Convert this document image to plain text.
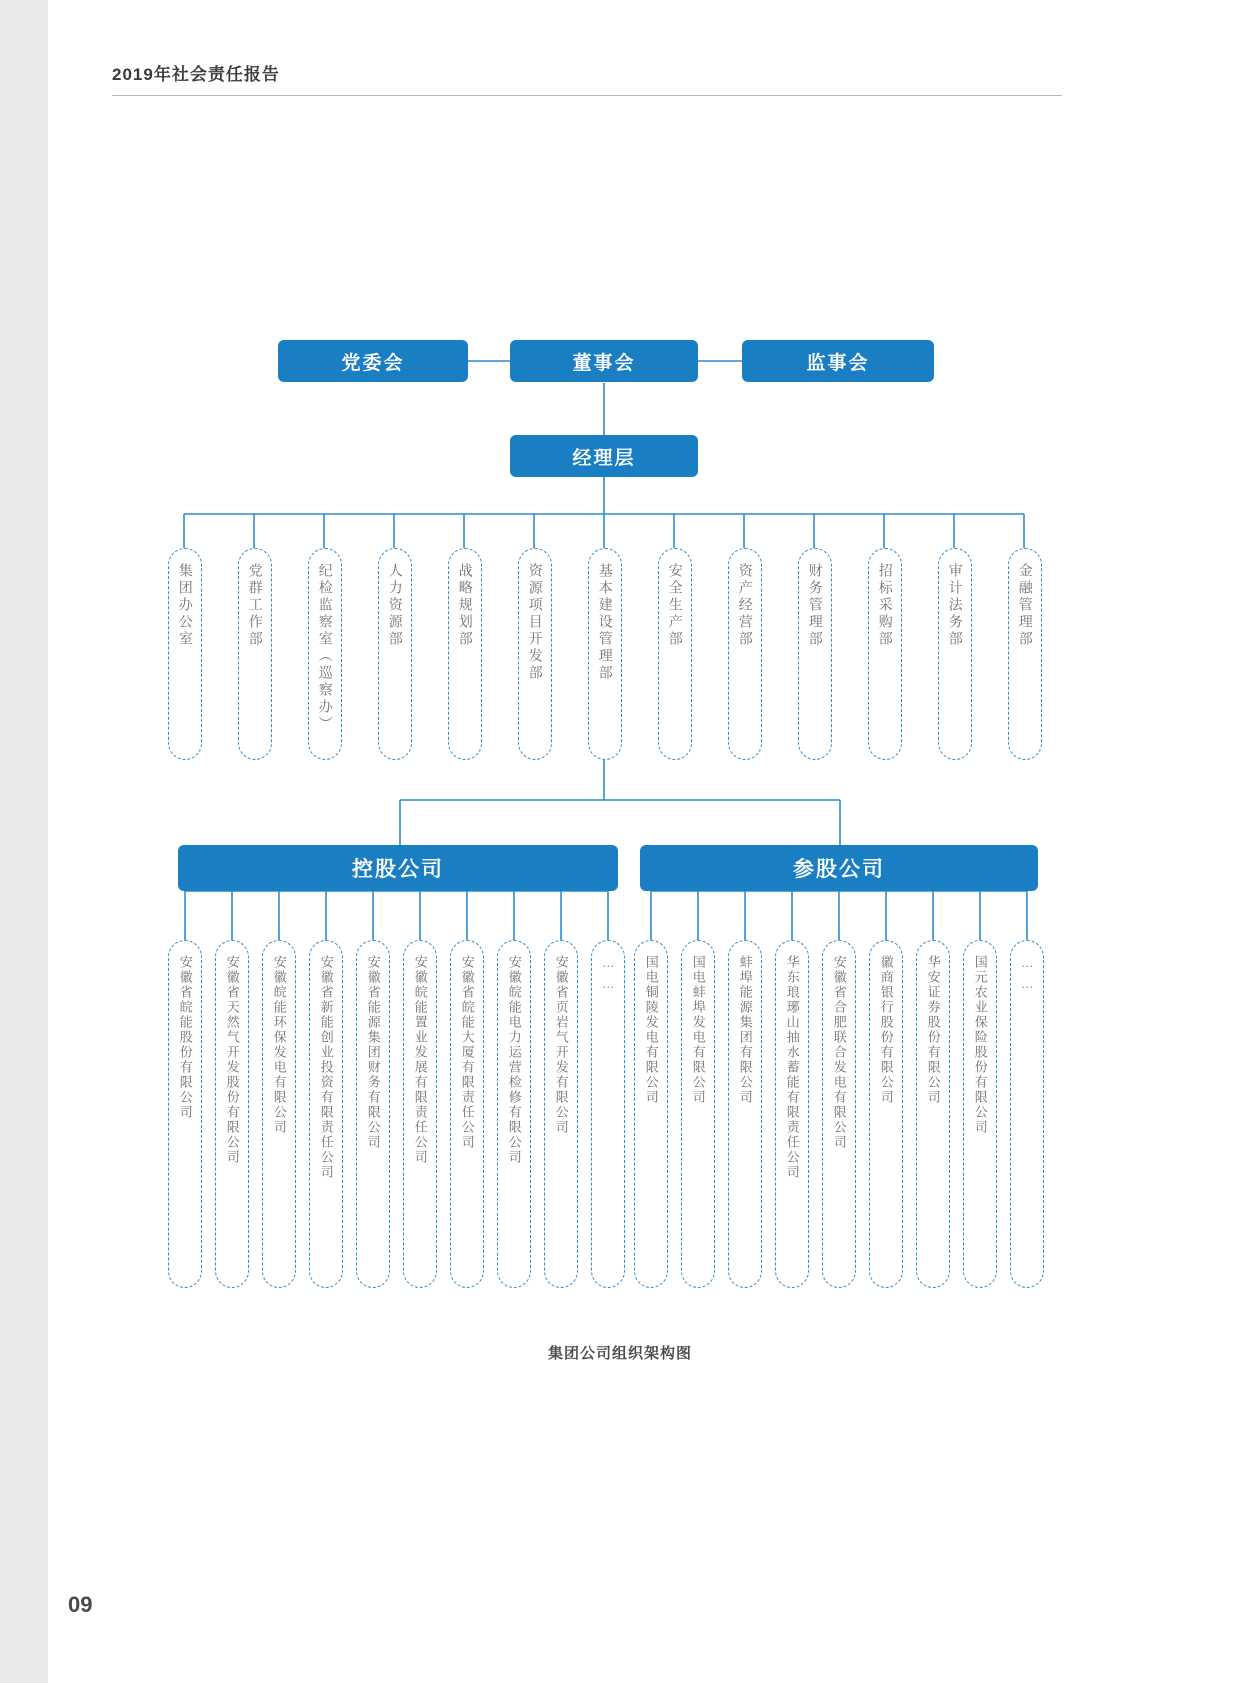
2019年社会责任报告
党委会	董事会	监事会
经理层
集团办公室	党群工作部	纪检监察室（巡察办）	人力资源部	战略规划部	资源项目开发部	基本建设管理部	安全生产部	资产经营部	财务管理部	招标采购部	审计法务部	金融管理部
控股公司	参股公司
安徽省皖能股份有限公司 安徽省天然气开发股份有限公司 安徽皖能环保发电有限公司 安徽省新能创业投资有限责任公司 安徽省能源集团财务有限公司 安徽皖能置业发展有限责任公司 安徽省皖能大厦有限责任公司 安徽皖能电力运营检修有限公司 安徽省页岩气开发有限公司 …… 国电铜陵发电有限公司 国电蚌埠发电有限公司 蚌埠能源集团有限公司 华东琅琊山抽水蓄能有限责任公司 安徽省合肥联合发电有限公司 徽商银行股份有限公司 华安证券股份有限公司 国元农业保险股份有限公司 ……
集团公司组织架构图
09
